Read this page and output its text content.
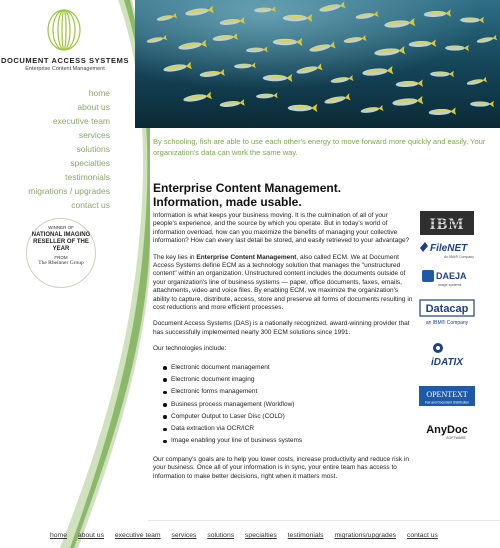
DOCUMENT ACCESS SYSTEMS
Enterprise Content Management
home
about us
executive team
services
solutions
specialties
testimonials
migrations / upgrades
contact us
WINNER OF
NATIONAL IMAGING RESELLER OF THE YEAR
FROM
The Rheinner Group
By schooling, fish are able to use each other's energy to move forward more quickly and easily. Your organization's data can work the same way.
Enterprise Content Management.
Information, made usable.

Information is what keeps your business moving. It is the culmination of all of your people's experience, and the source by which you operate. But in today's world of information overload, how can you maximize the benefits of managing your collective information? How can every last detail be stored, and easily retrieved to your advantage?

The key lies in Enterprise Content Management, also called ECM. We at Document Access Systems define ECM as a technology solution that manages the "unstructured content" within an organization. Unstructured content includes the documents outside of your organization's line of business systems — paper, office documents, faxes, emails, attachments, video and voice files. By enabling ECM, we maximize the organization's ability to capture, distribute, access, store and preserve all forms of documents resulting in cost reductions and more efficient processes.

Document Access Systems (DAS) is a nationally recognized, award-winning provider that has successfully implemented nearly 300 ECM solutions since 1991.

Our technologies include:

Electronic document management
Electronic document imaging
Electronic forms management
Business process management (Workflow)
Computer Output to Laser Disc (COLD)
Data extraction via OCR/ICR
Image enabling your line of business systems

Our company's goals are to help you lower costs, increase productivity and reduce risk in your business. Once all of your information is in sync, your entire team has access to information to make better decisions, right when it matters most.

IBM
FileNET
An IBM® Company
DAEJA
image systems
Datacap
an IBM® Company
iDATIX
OPENTEXT
Fax and Document Distribution
AnyDoc
SOFTWARE
home about us executive team services solutions specialties testimonials migrations/upgrades contact us
